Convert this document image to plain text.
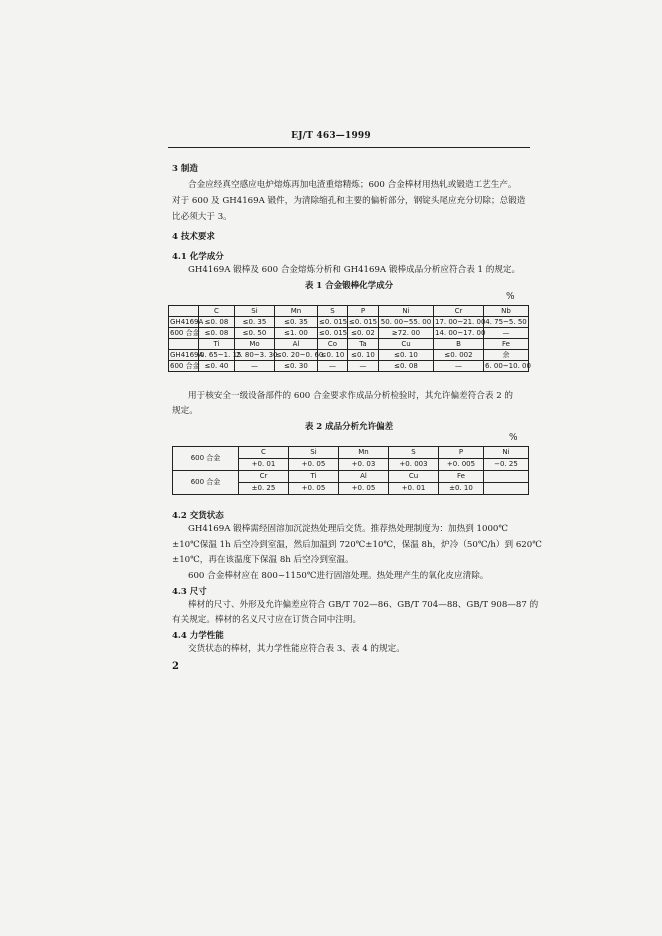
EJ/T 463—1999
3 制造
合金应经真空感应电炉熔炼再加电渣重熔精炼；600 合金棒材用热轧或锻造工艺生产。
对于 600 及 GH4169A 锻件，为清除缩孔和主要的偏析部分，钢锭头尾应充分切除；总锻造
比必须大于 3。
4 技术要求
4.1 化学成分
GH4169A 锻棒及 600 合金熔炼分析和 GH4169A 锻棒成品分析应符合表 1 的规定。
表 1 合金锻棒化学成分
%
	C	Si	Mn	S	P	Ni	Cr	Nb
GH4169A	≤0. 08	≤0. 35	≤0. 35	≤0. 015	≤0. 015	50. 00~55. 00	17. 00~21. 00	4. 75~5. 50
600 合金	≤0. 08	≤0. 50	≤1. 00	≤0. 015	≤0. 02	≥72. 00	14. 00~17. 00	—
	Ti	Mo	Al	Co	Ta	Cu	B	Fe
GH4169A	0. 65~1. 15	2. 80~3. 30	≤0. 20~0. 60	≤0. 10	≤0. 10	≤0. 10	≤0. 002	余
600 合金	≤0. 40	—	≤0. 30	—	—	≤0. 08	—	6. 00~10. 00
用于核安全一级设备部件的 600 合金要求作成品分析检验时，其允许偏差符合表 2 的
规定。
表 2 成品分析允许偏差
%
600 合金	C	Si	Mn	S	P	Ni
	+0. 01	+0. 05	+0. 03	+0. 003	+0. 005	−0. 25
600 合金	Cr	Ti	Al	Cu	Fe	
	±0. 25	+0. 05	+0. 05	+0. 01	±0. 10	
4.2 交货状态
GH4169A 锻棒需经固溶加沉淀热处理后交货。推荐热处理制度为：加热到 1000℃
±10℃保温 1h 后空冷到室温，然后加温到 720℃±10℃，保温 8h，炉冷（50℃/h）到 620℃
±10℃，再在该温度下保温 8h 后空冷到室温。
600 合金棒材应在 800~1150℃进行固溶处理。热处理产生的氧化皮应清除。
4.3 尺寸
棒材的尺寸、外形及允许偏差应符合 GB/T 702—86、GB/T 704—88、GB/T 908—87 的
有关规定。棒材的名义尺寸应在订货合同中注明。
4.4 力学性能
交货状态的棒材，其力学性能应符合表 3、表 4 的规定。
2
